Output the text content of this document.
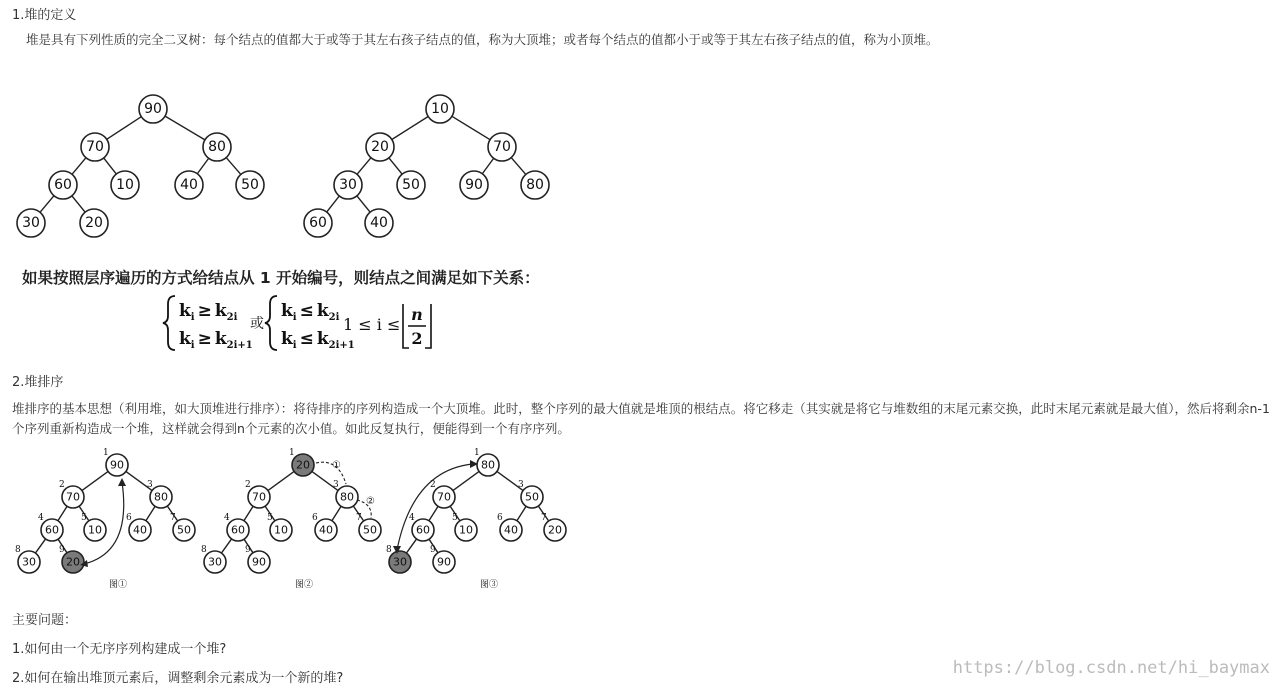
1.堆的定义
堆是具有下列性质的完全二叉树：每个结点的值都大于或等于其左右孩子结点的值，称为大顶堆；或者每个结点的值都小于或等于其左右孩子结点的值，称为小顶堆。
90
70	80
60	10	40	50
30	20
10
20	70
30	50	90	80
60	40
如果按照层序遍历的方式给结点从 1 开始编号，则结点之间满足如下关系：
$k_i \ge k_{2i}$
$k_i \ge k_{2i+1}$
或
$k_i \le k_{2i}$
$k_i \le k_{2i+1}$
1 ≤ i ≤
n
2
2.堆排序
堆排序的基本思想（利用堆，如大顶堆进行排序）：将待排序的序列构造成一个大顶堆。此时，整个序列的最大值就是堆顶的根结点。将它移走（其实就是将它与堆数组的末尾元素交换，此时末尾元素就是最大值），然后将剩余n-1个序列重新构造成一个堆，这样就会得到n个元素的次小值。如此反复执行，便能得到一个有序序列。
90
1
70
2
80
3
60
4
10
5
40
6
50
7
30
8
20
9
图①
20
1
70
2
80
3
60
4
10
5
40
6
50
7
30
8
90
9
图②
①
②
80
1
70
2
50
3
60
4
10
5
40
6
20
7
30
8
90
9
图③
主要问题：
1.如何由一个无序序列构建成一个堆?
2.如何在输出堆顶元素后，调整剩余元素成为一个新的堆?
https://blog.csdn.net/hi_baymax
